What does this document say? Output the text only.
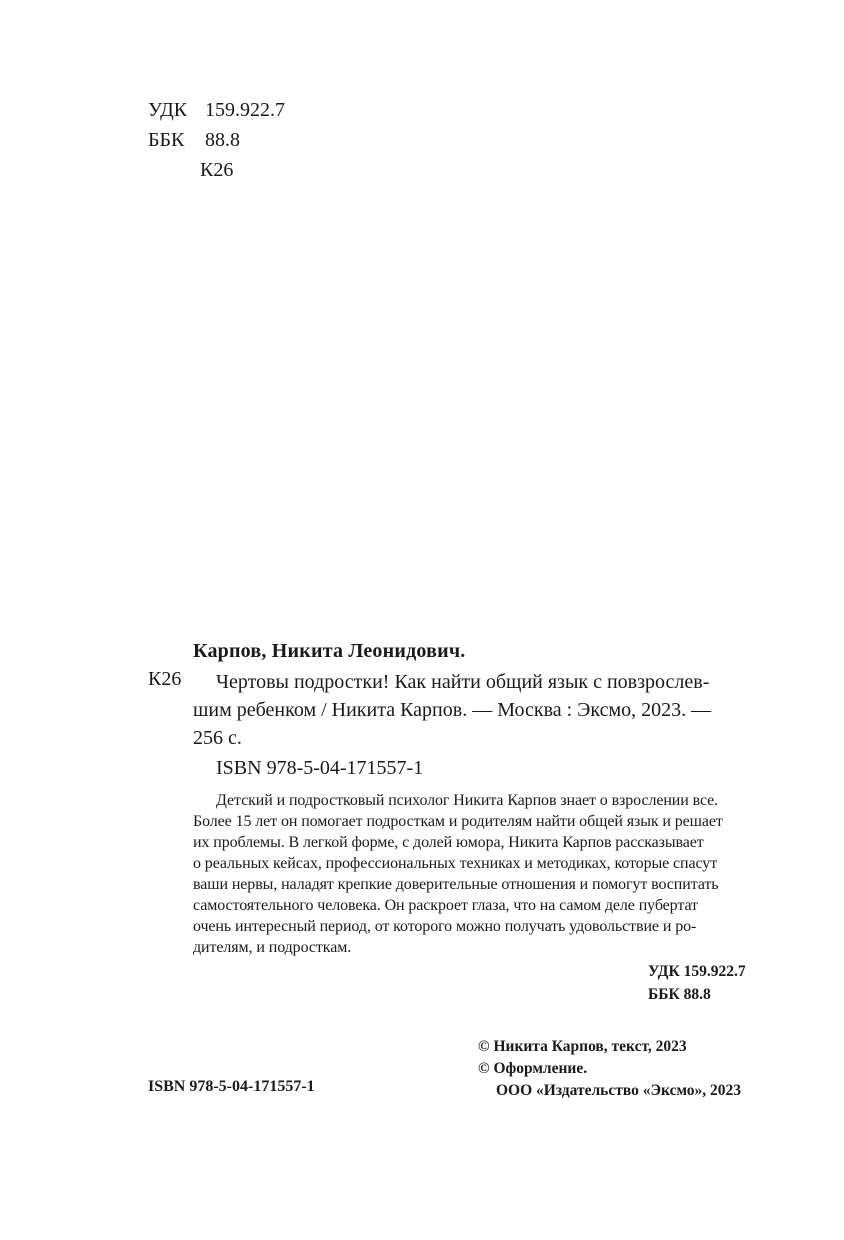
УДК 159.922.7
ББК 88.8
К26
Карпов, Никита Леонидович.
К26 Чертовы подростки! Как найти общий язык с повзрослев-
шим ребенком / Никита Карпов. — Москва : Эксмо, 2023. —
256 с.
ISBN 978-5-04-171557-1
Детский и подростковый психолог Никита Карпов знает о взрослении все.
Более 15 лет он помогает подросткам и родителям найти общей язык и решает
их проблемы. В легкой форме, с долей юмора, Никита Карпов рассказывает
о реальных кейсах, профессиональных техниках и методиках, которые спасут
ваши нервы, наладят крепкие доверительные отношения и помогут воспитать
самостоятельного человека. Он раскроет глаза, что на самом деле пубертат
очень интересный период, от которого можно получать удовольствие и ро-
дителям, и подросткам.
УДК 159.922.7
ББК 88.8
ISBN 978-5-04-171557-1
© Никита Карпов, текст, 2023
© Оформление.
ООО «Издательство «Эксмо», 2023
